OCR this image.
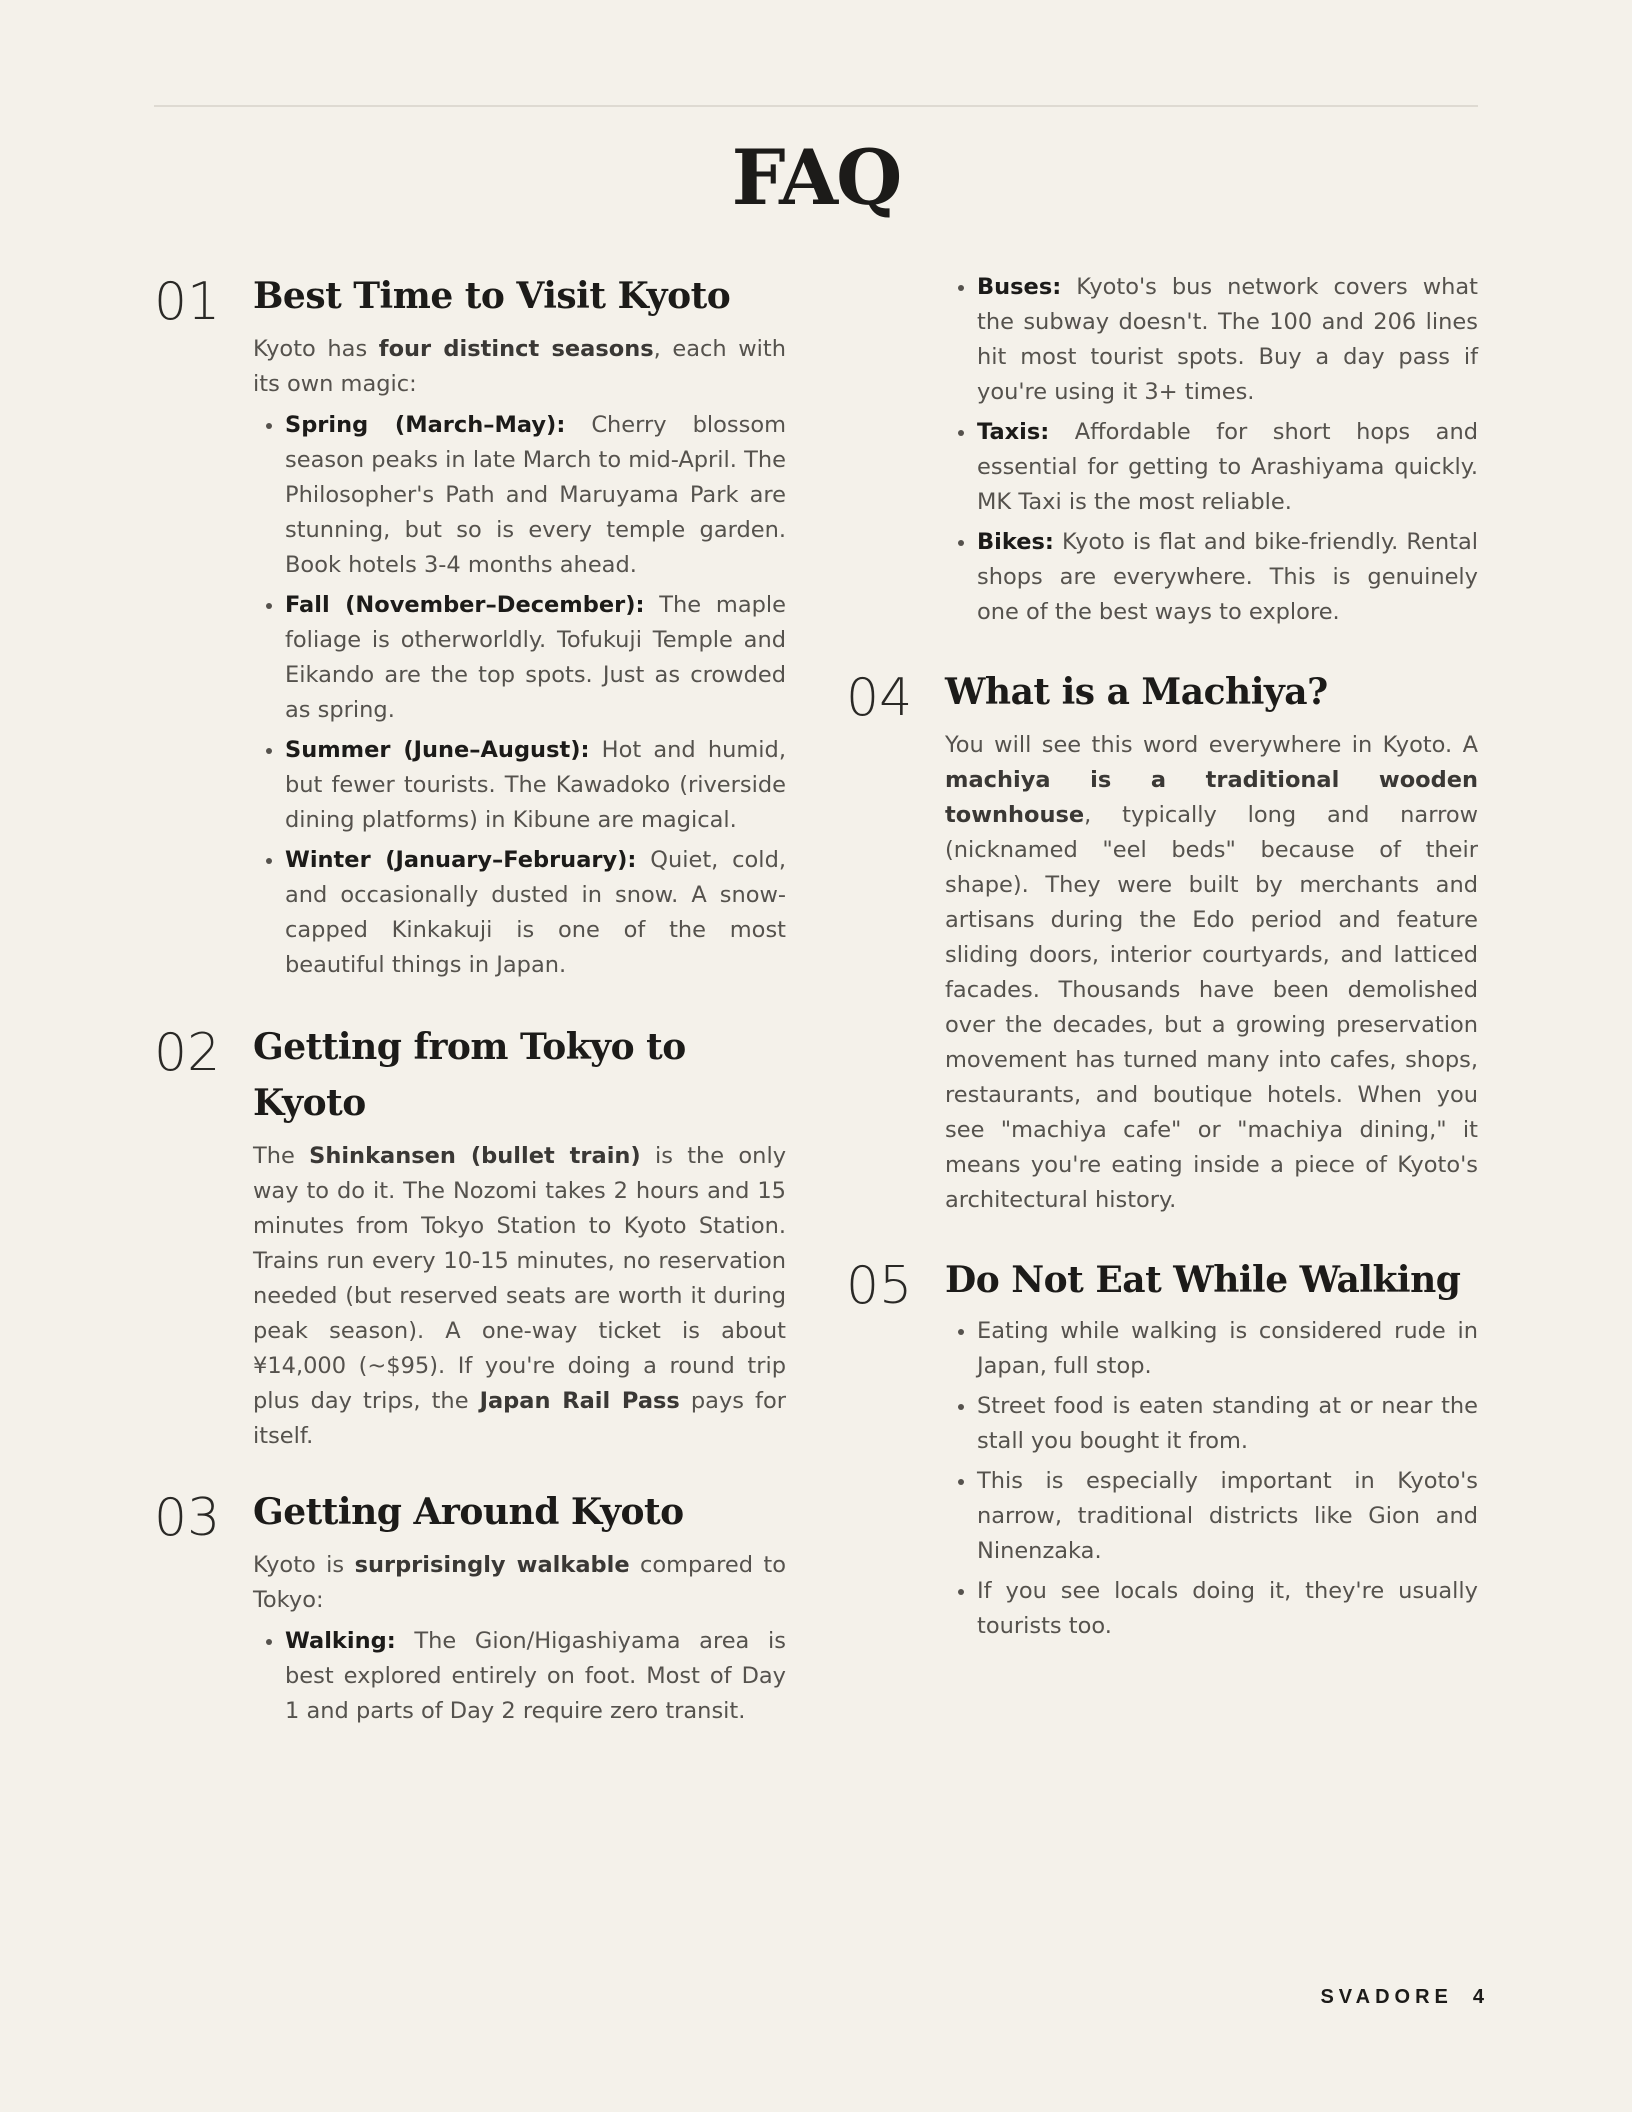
FAQ
01 Best Time to Visit Kyoto

Kyoto has four distinct seasons, each with its own magic:

• Spring (March–May): Cherry blossom season peaks in late March to mid-April. The Philosopher's Path and Maruyama Park are stunning, but so is every temple garden. Book hotels 3-4 months ahead.
• Fall (November–December): The maple foliage is otherworldly. Tofukuji Temple and Eikando are the top spots. Just as crowded as spring.
• Summer (June–August): Hot and humid, but fewer tourists. The Kawadoko (riverside dining platforms) in Kibune are magical.
• Winter (January–February): Quiet, cold, and occasionally dusted in snow. A snow-capped Kinkakuji is one of the most beautiful things in Japan.
02 Getting from Tokyo to Kyoto

The Shinkansen (bullet train) is the only way to do it. The Nozomi takes 2 hours and 15 minutes from Tokyo Station to Kyoto Station. Trains run every 10-15 minutes, no reservation needed (but reserved seats are worth it during peak season). A one-way ticket is about ¥14,000 (~$95). If you're doing a round trip plus day trips, the Japan Rail Pass pays for itself.

03 Getting Around Kyoto

Kyoto is surprisingly walkable compared to Tokyo:

• Walking: The Gion/Higashiyama area is best explored entirely on foot. Most of Day 1 and parts of Day 2 require zero transit.
• Buses: Kyoto's bus network covers what the subway doesn't. The 100 and 206 lines hit most tourist spots. Buy a day pass if you're using it 3+ times.
• Taxis: Affordable for short hops and essential for getting to Arashiyama quickly. MK Taxi is the most reliable.
• Bikes: Kyoto is flat and bike-friendly. Rental shops are everywhere. This is genuinely one of the best ways to explore.
04 What is a Machiya?

You will see this word everywhere in Kyoto. A machiya is a traditional wooden townhouse, typically long and narrow (nicknamed "eel beds" because of their shape). They were built by merchants and artisans during the Edo period and feature sliding doors, interior courtyards, and latticed facades. Thousands have been demolished over the decades, but a growing preservation movement has turned many into cafes, shops, restaurants, and boutique hotels. When you see "machiya cafe" or "machiya dining," it means you're eating inside a piece of Kyoto's architectural history.

05 Do Not Eat While Walking
• Eating while walking is considered rude in Japan, full stop.
• Street food is eaten standing at or near the stall you bought it from.
• This is especially important in Kyoto's narrow, traditional districts like Gion and Ninenzaka.
• If you see locals doing it, they're usually tourists too.
SVADORE 4
